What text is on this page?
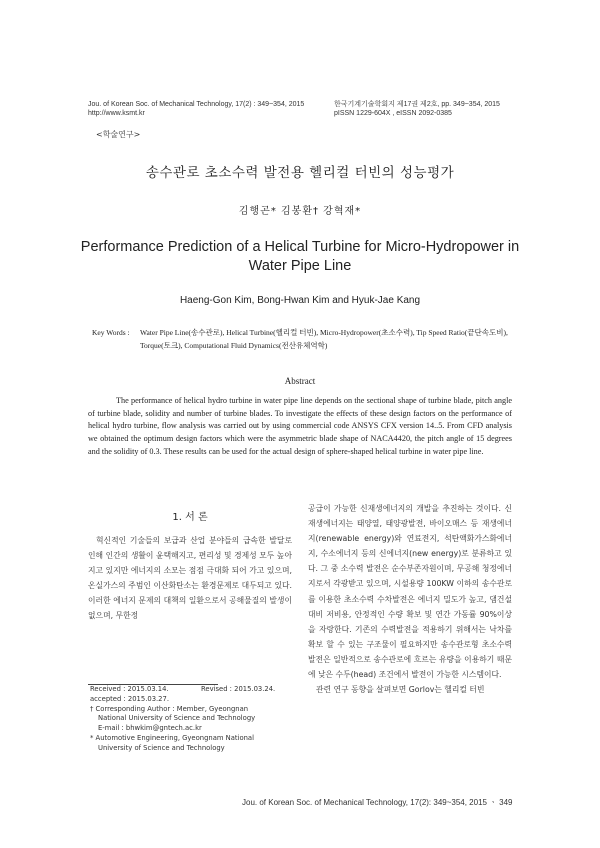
Jou. of Korean Soc. of Mechanical Technology, 17(2) : 349~354, 2015
http://www.ksmt.kr
한국기계기술학회지 제17권 제2호, pp. 349~354, 2015
pISSN 1229-604X , eISSN 2092-0385
<학술연구>
송수관로 초소수력 발전용 헬리컬 터빈의 성능평가
김행곤* 김봉환† 강혁재*
Performance Prediction of a Helical Turbine for Micro-Hydropower in Water Pipe Line
Haeng-Gon Kim, Bong-Hwan Kim and Hyuk-Jae Kang
Key Words :	Water Pipe Line(송수관로), Helical Turbine(헬리컬 터빈), Micro-Hydropower(초소수력), Tip Speed Ratio(끝단속도비), Torque(토크), Computational Fluid Dynamics(전산유체역학)
Abstract
The performance of helical hydro turbine in water pipe line depends on the sectional shape of turbine blade, pitch angle of turbine blade, solidity and number of turbine blades. To investigate the effects of these design factors on the performance of helical hydro turbine, flow analysis was carried out by using commercial code ANSYS CFX version 14..5. From CFD analysis we obtained the optimum design factors which were the asymmetric blade shape of NACA4420, the pitch angle of 15 degrees and the solidity of 0.3. These results can be used for the actual design of sphere-shaped helical turbine in water pipe line.
1. 서 론
혁신적인 기술들의 보급과 산업 분야들의 급속한 발달로 인해 인간의 생활이 윤택해지고, 편리성 및 경제성 모두 높아지고 있지만 에너지의 소모는 점점 극대화 되어 가고 있으며, 온실가스의 주범인 이산화탄소는 환경문제로 대두되고 있다. 이러한 에너지 문제의 대책의 일환으로서 공해물질의 발생이 없으며, 무한정
공급이 가능한 신재생에너지의 개발을 추진하는 것이다. 신 재생에너지는 태양열, 태양광발전, 바이오매스 등 재생에너지(renewable energy)와 연료전지, 석탄액화가스화에너지, 수소에너지 등의 신에너지(new energy)로 분류하고 있다. 그 중 소수력 발전은 순수부존자원이며, 무공해 청정에너지로서 각광받고 있으며, 시설용량 100KW 이하의 송수관로를 이용한 초소수력 수차발전은 에너지 밀도가 높고, 댐건설 대비 저비용, 안정적인 수량 확보 및 연간 가동률 90%이상을 자랑한다. 기존의 수력발전을 적용하기 위해서는 낙차를 확보 할 수 있는 구조물이 필요하지만 송수관로형 초소수력 발전은 일반적으로 송수관로에 흐르는 유량을 이용하기 때문에 낮은 수두(head) 조건에서 발전이 가능한 시스템이다.
관련 연구 동향을 살펴보면 Gorlov는 헬리컬 터빈
Received : 2015.03.14.	Revised : 2015.03.24.
accepted : 2015.03.27.
† Corresponding Author : Member, Gyeongnan
National University of Science and Technology
E-mail : bhwkim@gntech.ac.kr
* Automotive Engineering, Gyeongnam National
University of Science and Technology
Jou. of Korean Soc. of Mechanical Technology, 17(2): 349~354, 2015 ㆍ 349
